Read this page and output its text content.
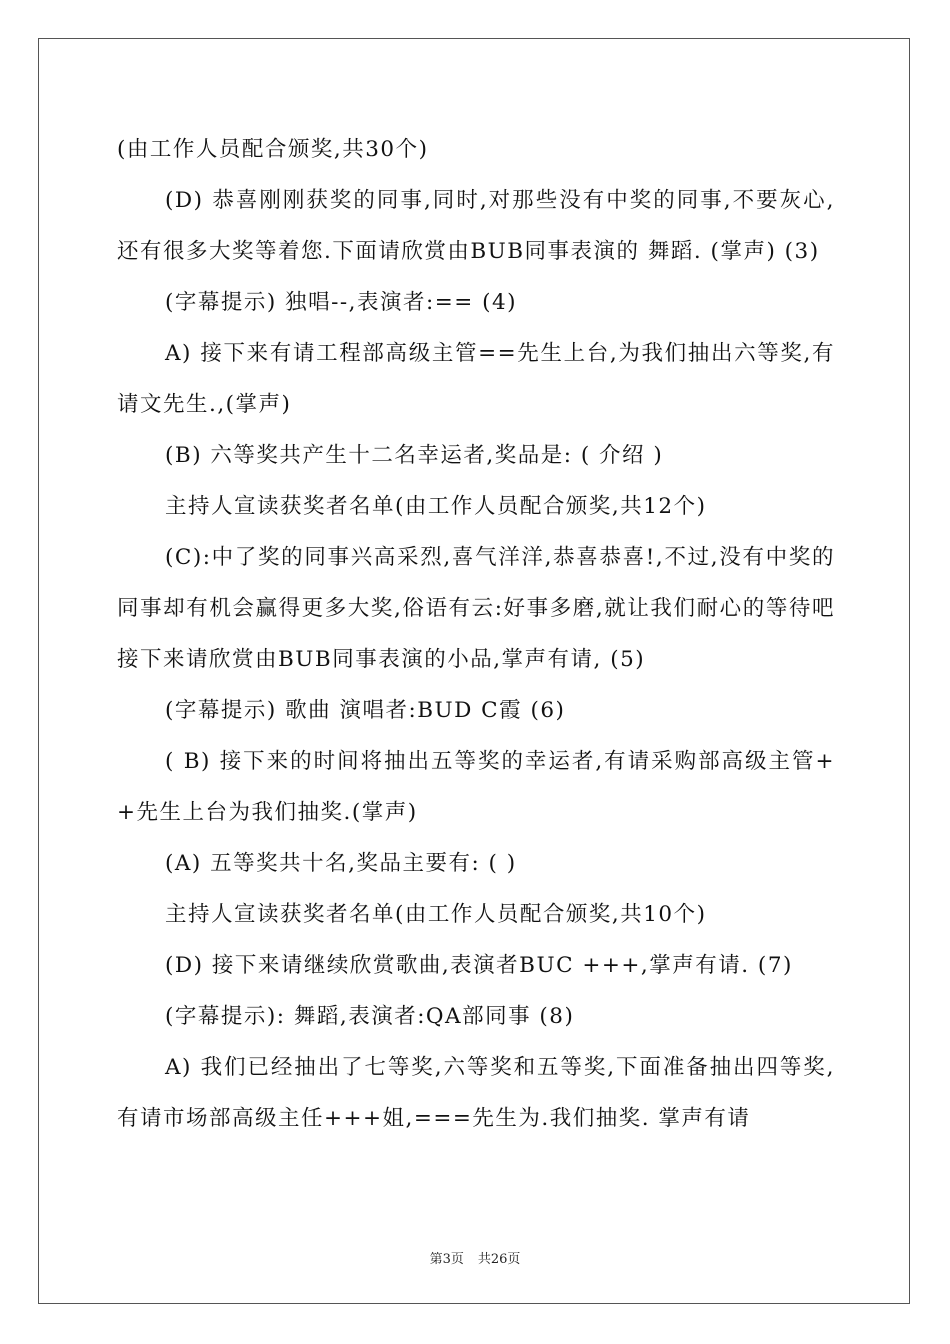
(由工作人员配合颁奖,共30个)

(D) 恭喜刚刚获奖的同事,同时,对那些没有中奖的同事,不要灰心,还有很多大奖等着您.下面请欣赏由BUB同事表演的 舞蹈. (掌声) (3)

(字幕提示) 独唱--,表演者:== (4)

A) 接下来有请工程部高级主管==先生上台,为我们抽出六等奖,有请文先生.,(掌声)

(B) 六等奖共产生十二名幸运者,奖品是: ( 介绍 )

主持人宣读获奖者名单(由工作人员配合颁奖,共12个)

(C):中了奖的同事兴高采烈,喜气洋洋,恭喜恭喜!,不过,没有中奖的同事却有机会赢得更多大奖,俗语有云:好事多磨,就让我们耐心的等待吧 接下来请欣赏由BUB同事表演的小品,掌声有请, (5)

(字幕提示) 歌曲 演唱者:BUD C霞 (6)

( B) 接下来的时间将抽出五等奖的幸运者,有请采购部高级主管++先生上台为我们抽奖.(掌声)

(A) 五等奖共十名,奖品主要有: ( )

主持人宣读获奖者名单(由工作人员配合颁奖,共10个)

(D) 接下来请继续欣赏歌曲,表演者BUC +++,掌声有请. (7)

(字幕提示): 舞蹈,表演者:QA部同事 (8)

A) 我们已经抽出了七等奖,六等奖和五等奖,下面准备抽出四等奖,有请市场部高级主任+++姐,===先生为.我们抽奖. 掌声有请

第3页 共26页
